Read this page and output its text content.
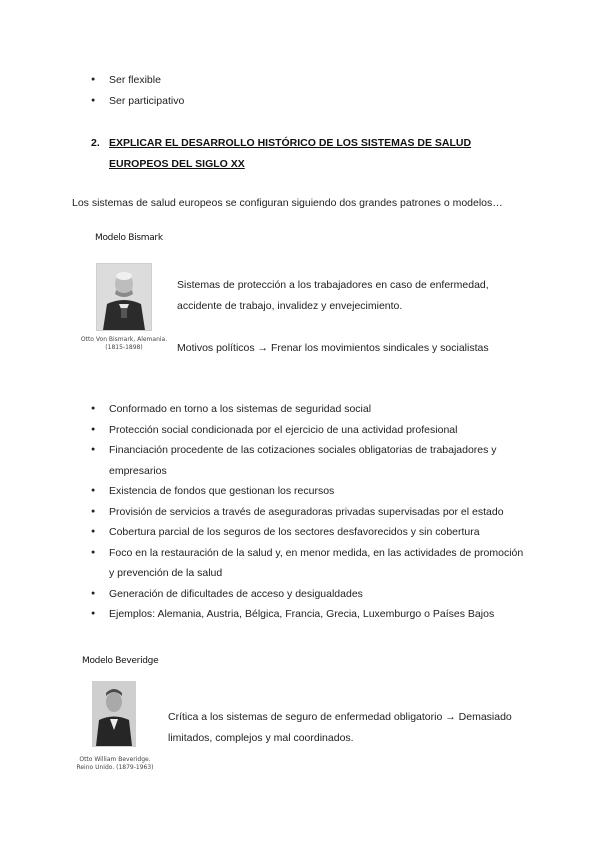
● Ser flexible
● Ser participativo
2. EXPLICAR EL DESARROLLO HISTÓRICO DE LOS SISTEMAS DE SALUD EUROPEOS DEL SIGLO XX
Los sistemas de salud europeos se configuran siguiendo dos grandes patrones o modelos…
Modelo Bismark
Otto Von Bismark, Alemania.
(1815-1898)
Sistemas de protección a los trabajadores en caso de enfermedad, accidente de trabajo, invalidez y envejecimiento.
Motivos políticos → Frenar los movimientos sindicales y socialistas
● Conformado en torno a los sistemas de seguridad social
● Protección social condicionada por el ejercicio de una actividad profesional
● Financiación procedente de las cotizaciones sociales obligatorias de trabajadores y empresarios
● Existencia de fondos que gestionan los recursos
● Provisión de servicios a través de aseguradoras privadas supervisadas por el estado
● Cobertura parcial de los seguros de los sectores desfavorecidos y sin cobertura
● Foco en la restauración de la salud y, en menor medida, en las actividades de promoción y prevención de la salud
● Generación de dificultades de acceso y desigualdades
● Ejemplos: Alemania, Austria, Bélgica, Francia, Grecia, Luxemburgo o Países Bajos
Modelo Beveridge
Otto William Beveridge.
Reino Unido. (1879-1963)
Crítica a los sistemas de seguro de enfermedad obligatorio → Demasiado limitados, complejos y mal coordinados.
